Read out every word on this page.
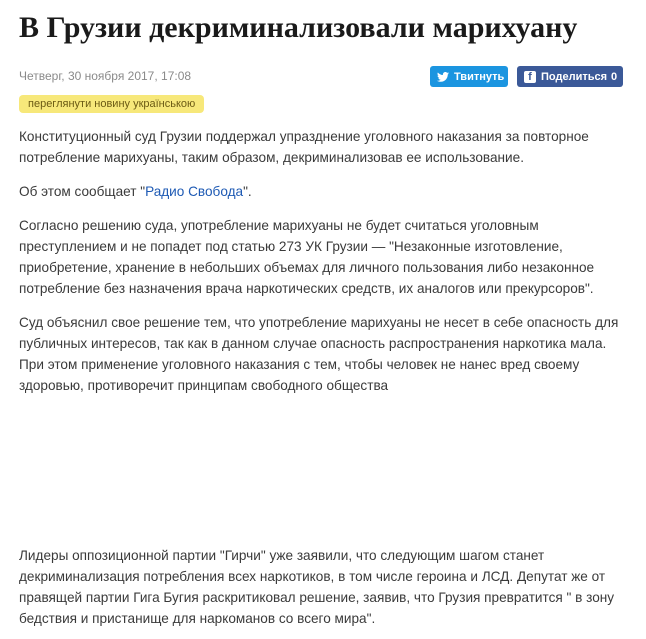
В Грузии декриминализовали марихуану
Четверг, 30 ноября 2017, 17:08	Твитнуть	f Поделиться 0
переглянути новину українською

Конституционный суд Грузии поддержал упразднение уголовного наказания за повторное потребление марихуаны, таким образом, декриминализовав ее использование.

Об этом сообщает "Радио Свобода".

Согласно решению суда, употребление марихуаны не будет считаться уголовным преступлением и не попадет под статью 273 УК Грузии — "Незаконные изготовление, приобретение, хранение в небольших объемах для личного пользования либо незаконное потребление без назначения врача наркотических средств, их аналогов или прекурсоров".

Суд объяснил свое решение тем, что употребление марихуаны не несет в себе опасность для публичных интересов, так как в данном случае опасность распространения наркотика мала. При этом применение уголовного наказания с тем, чтобы человек не нанес вред своему здоровью, противоречит принципам свободного общества

Лидеры оппозиционной партии "Гирчи" уже заявили, что следующим шагом станет декриминализация потребления всех наркотиков, в том числе героина и ЛСД. Депутат же от правящей партии Гига Бугия раскритиковал решение, заявив, что Грузия превратится " в зону бедствия и пристанище для наркоманов со всего мира".
